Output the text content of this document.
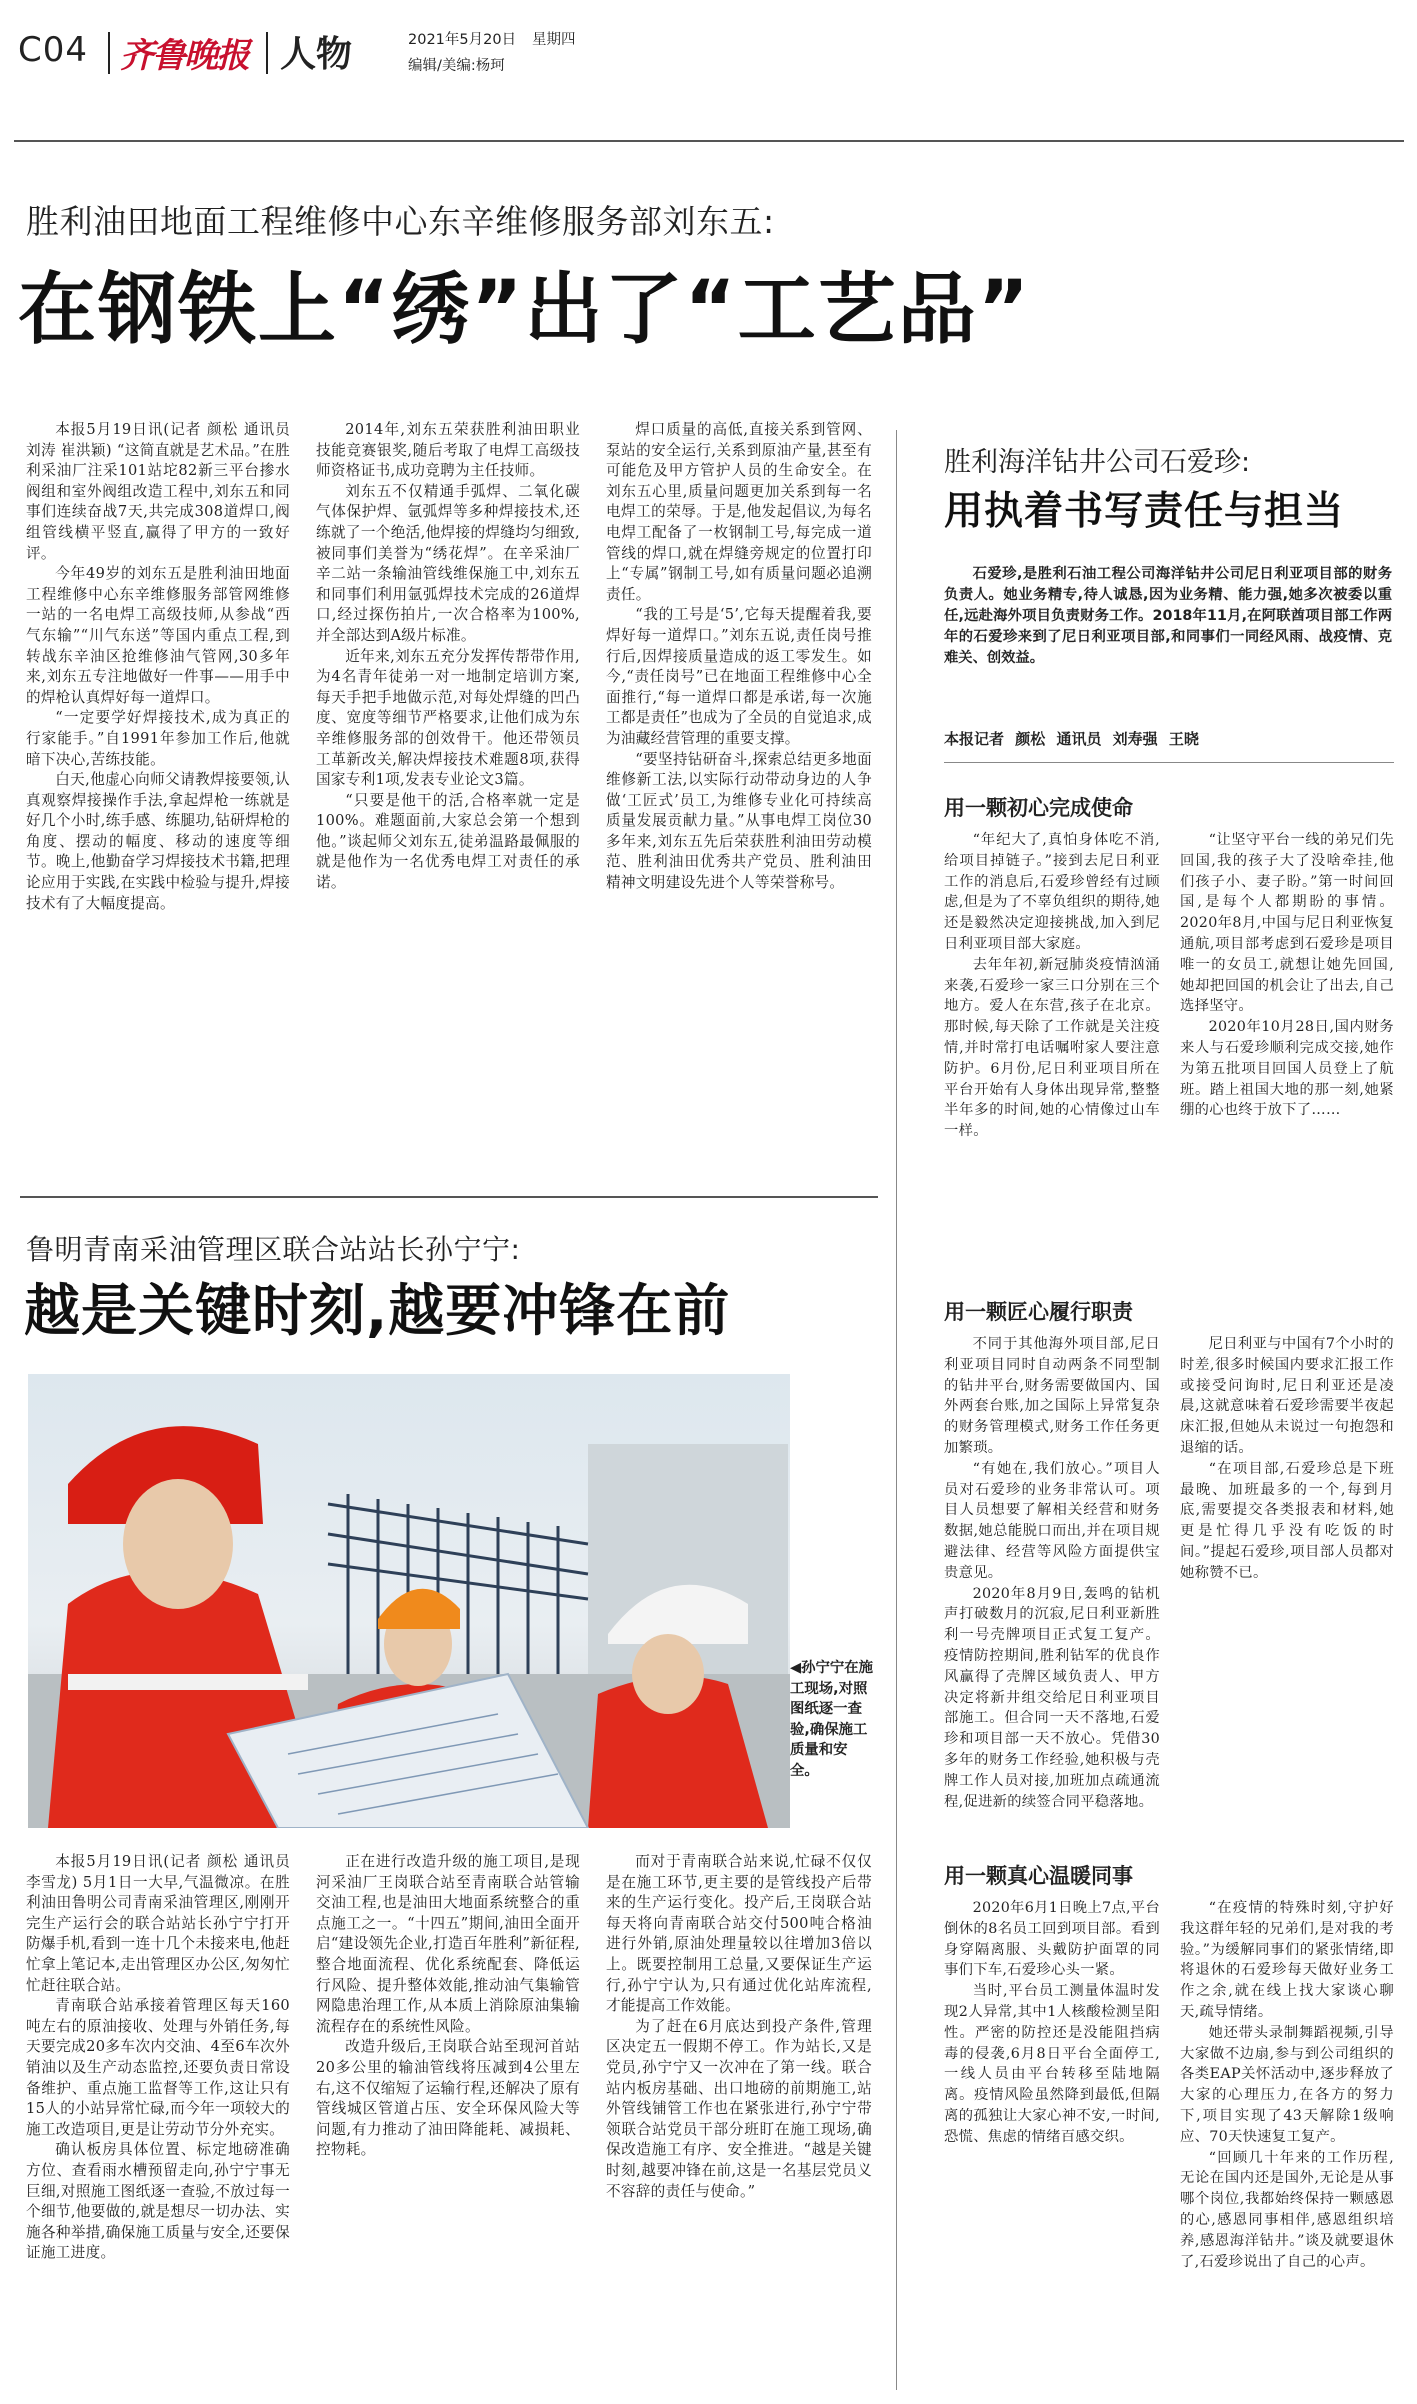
C04 齐鲁晚报 人物	2021年5月20日 星期四
编辑/美编:杨珂
胜利油田地面工程维修中心东辛维修服务部刘东五:
在钢铁上“绣”出了“工艺品”

本报5月19日讯(记者 颜松 通讯员 刘涛 崔洪颖) “这简直就是艺术品。”在胜利采油厂注采101站坨82新三平台掺水阀组和室外阀组改造工程中,刘东五和同事们连续奋战7天,共完成308道焊口,阀组管线横平竖直,赢得了甲方的一致好评。

今年49岁的刘东五是胜利油田地面工程维修中心东辛维修服务部管网维修一站的一名电焊工高级技师,从参战“西气东输”“川气东送”等国内重点工程,到转战东辛油区抢维修油气管网,30多年来,刘东五专注地做好一件事——用手中的焊枪认真焊好每一道焊口。

“一定要学好焊接技术,成为真正的行家能手。”自1991年参加工作后,他就暗下决心,苦练技能。

白天,他虚心向师父请教焊接要领,认真观察焊接操作手法,拿起焊枪一练就是好几个小时,练手感、练腿功,钻研焊枪的角度、摆动的幅度、移动的速度等细节。晚上,他勤奋学习焊接技术书籍,把理论应用于实践,在实践中检验与提升,焊接技术有了大幅度提高。

2014年,刘东五荣获胜利油田职业技能竞赛银奖,随后考取了电焊工高级技师资格证书,成功竞聘为主任技师。

刘东五不仅精通手弧焊、二氧化碳气体保护焊、氩弧焊等多种焊接技术,还练就了一个绝活,他焊接的焊缝均匀细致,被同事们美誉为“绣花焊”。在辛采油厂辛二站一条输油管线维保施工中,刘东五和同事们利用氩弧焊技术完成的26道焊口,经过探伤拍片,一次合格率为100%,并全部达到A级片标准。

近年来,刘东五充分发挥传帮带作用,为4名青年徒弟一对一地制定培训方案,每天手把手地做示范,对每处焊缝的凹凸度、宽度等细节严格要求,让他们成为东辛维修服务部的创效骨干。他还带领员工革新改关,解决焊接技术难题8项,获得国家专利1项,发表专业论文3篇。

“只要是他干的活,合格率就一定是100%。难题面前,大家总会第一个想到他。”谈起师父刘东五,徒弟温路最佩服的就是他作为一名优秀电焊工对责任的承诺。

焊口质量的高低,直接关系到管网、泵站的安全运行,关系到原油产量,甚至有可能危及甲方管护人员的生命安全。在刘东五心里,质量问题更加关系到每一名电焊工的荣辱。于是,他发起倡议,为每名电焊工配备了一枚钢制工号,每完成一道管线的焊口,就在焊缝旁规定的位置打印上“专属”钢制工号,如有质量问题必追溯责任。

“我的工号是‘5’,它每天提醒着我,要焊好每一道焊口。”刘东五说,责任岗号推行后,因焊接质量造成的返工零发生。如今,“责任岗号”已在地面工程维修中心全面推行,“每一道焊口都是承诺,每一次施工都是责任”也成为了全员的自觉追求,成为油藏经营管理的重要支撑。

“要坚持钻研奋斗,探索总结更多地面维修新工法,以实际行动带动身边的人争做‘工匠式’员工,为维修专业化可持续高质量发展贡献力量。”从事电焊工岗位30多年来,刘东五先后荣获胜利油田劳动模范、胜利油田优秀共产党员、胜利油田精神文明建设先进个人等荣誉称号。

鲁明青南采油管理区联合站站长孙宁宁:
越是关键时刻,越要冲锋在前
◀孙宁宁在施工现场,对照图纸逐一查验,确保施工质量和安全。

本报5月19日讯(记者 颜松 通讯员 李雪龙) 5月1日一大早,气温微凉。在胜利油田鲁明公司青南采油管理区,刚刚开完生产运行会的联合站站长孙宁宁打开防爆手机,看到一连十几个未接来电,他赶忙拿上笔记本,走出管理区办公区,匆匆忙忙赶往联合站。

青南联合站承接着管理区每天160吨左右的原油接收、处理与外销任务,每天要完成20多车次内交油、4至6车次外销油以及生产动态监控,还要负责日常设备维护、重点施工监督等工作,这让只有15人的小站异常忙碌,而今年一项较大的施工改造项目,更是让劳动节分外充实。

确认板房具体位置、标定地磅准确方位、查看雨水槽预留走向,孙宁宁事无巨细,对照施工图纸逐一查验,不放过每一个细节,他要做的,就是想尽一切办法、实施各种举措,确保施工质量与安全,还要保证施工进度。

正在进行改造升级的施工项目,是现河采油厂王岗联合站至青南联合站管输交油工程,也是油田大地面系统整合的重点施工之一。“十四五”期间,油田全面开启“建设领先企业,打造百年胜利”新征程,整合地面流程、优化系统配套、降低运行风险、提升整体效能,推动油气集输管网隐患治理工作,从本质上消除原油集输流程存在的系统性风险。

改造升级后,王岗联合站至现河首站20多公里的输油管线将压减到4公里左右,这不仅缩短了运输行程,还解决了原有管线城区管道占压、安全环保风险大等问题,有力推动了油田降能耗、减损耗、控物耗。

而对于青南联合站来说,忙碌不仅仅是在施工环节,更主要的是管线投产后带来的生产运行变化。投产后,王岗联合站每天将向青南联合站交付500吨合格油进行外销,原油处理量较以往增加3倍以上。既要控制用工总量,又要保证生产运行,孙宁宁认为,只有通过优化站库流程,才能提高工作效能。

为了赶在6月底达到投产条件,管理区决定五一假期不停工。作为站长,又是党员,孙宁宁又一次冲在了第一线。联合站内板房基础、出口地磅的前期施工,站外管线铺管工作也在紧张进行,孙宁宁带领联合站党员干部分班盯在施工现场,确保改造施工有序、安全推进。“越是关键时刻,越要冲锋在前,这是一名基层党员义不容辞的责任与使命。”

胜利海洋钻井公司石爱珍:
用执着书写责任与担当
石爱珍,是胜利石油工程公司海洋钻井公司尼日利亚项目部的财务负责人。她业务精专,待人诚恳,因为业务精、能力强,她多次被委以重任,远赴海外项目负责财务工作。2018年11月,在阿联酋项目部工作两年的石爱珍来到了尼日利亚项目部,和同事们一同经风雨、战疫情、克难关、创效益。
本报记者 颜松 通讯员 刘寿强 王晓
用一颗初心完成使命

“年纪大了,真怕身体吃不消,给项目掉链子。”接到去尼日利亚工作的消息后,石爱珍曾经有过顾虑,但是为了不辜负组织的期待,她还是毅然决定迎接挑战,加入到尼日利亚项目部大家庭。

去年年初,新冠肺炎疫情汹涌来袭,石爱珍一家三口分别在三个地方。爱人在东营,孩子在北京。那时候,每天除了工作就是关注疫情,并时常打电话嘱咐家人要注意防护。6月份,尼日利亚项目所在平台开始有人身体出现异常,整整半年多的时间,她的心情像过山车一样。

“让坚守平台一线的弟兄们先回国,我的孩子大了没啥牵挂,他们孩子小、妻子盼。”第一时间回国,是每个人都期盼的事情。2020年8月,中国与尼日利亚恢复通航,项目部考虑到石爱珍是项目唯一的女员工,就想让她先回国,她却把回国的机会让了出去,自己选择坚守。

2020年10月28日,国内财务来人与石爱珍顺利完成交接,她作为第五批项目回国人员登上了航班。踏上祖国大地的那一刻,她紧绷的心也终于放下了……

用一颗匠心履行职责

不同于其他海外项目部,尼日利亚项目同时自动两条不同型制的钻井平台,财务需要做国内、国外两套台账,加之国际上异常复杂的财务管理模式,财务工作任务更加繁琐。

“有她在,我们放心。”项目人员对石爱珍的业务非常认可。项目人员想要了解相关经营和财务数据,她总能脱口而出,并在项目规避法律、经营等风险方面提供宝贵意见。

2020年8月9日,轰鸣的钻机声打破数月的沉寂,尼日利亚新胜利一号壳牌项目正式复工复产。疫情防控期间,胜利钻军的优良作风赢得了壳牌区域负责人、甲方决定将新井组交给尼日利亚项目部施工。但合同一天不落地,石爱珍和项目部一天不放心。凭借30多年的财务工作经验,她积极与壳牌工作人员对接,加班加点疏通流程,促进新的续签合同平稳落地。

尼日利亚与中国有7个小时的时差,很多时候国内要求汇报工作或接受问询时,尼日利亚还是凌晨,这就意味着石爱珍需要半夜起床汇报,但她从未说过一句抱怨和退缩的话。

“在项目部,石爱珍总是下班最晚、加班最多的一个,每到月底,需要提交各类报表和材料,她更是忙得几乎没有吃饭的时间。”提起石爱珍,项目部人员都对她称赞不已。

用一颗真心温暖同事

2020年6月1日晚上7点,平台倒休的8名员工回到项目部。看到身穿隔离服、头戴防护面罩的同事们下车,石爱珍心头一紧。

当时,平台员工测量体温时发现2人异常,其中1人核酸检测呈阳性。严密的防控还是没能阻挡病毒的侵袭,6月8日平台全面停工,一线人员由平台转移至陆地隔离。疫情风险虽然降到最低,但隔离的孤独让大家心神不安,一时间,恐慌、焦虑的情绪百感交织。

“在疫情的特殊时刻,守护好我这群年轻的兄弟们,是对我的考验。”为缓解同事们的紧张情绪,即将退休的石爱珍每天做好业务工作之余,就在线上找大家谈心聊天,疏导情绪。

她还带头录制舞蹈视频,引导大家做不边扇,参与到公司组织的各类EAP关怀活动中,逐步释放了大家的心理压力,在各方的努力下,项目实现了43天解除1级响应、70天快速复工复产。

“回顾几十年来的工作历程,无论在国内还是国外,无论是从事哪个岗位,我都始终保持一颗感恩的心,感恩同事相伴,感恩组织培养,感恩海洋钻井。”谈及就要退休了,石爱珍说出了自己的心声。
